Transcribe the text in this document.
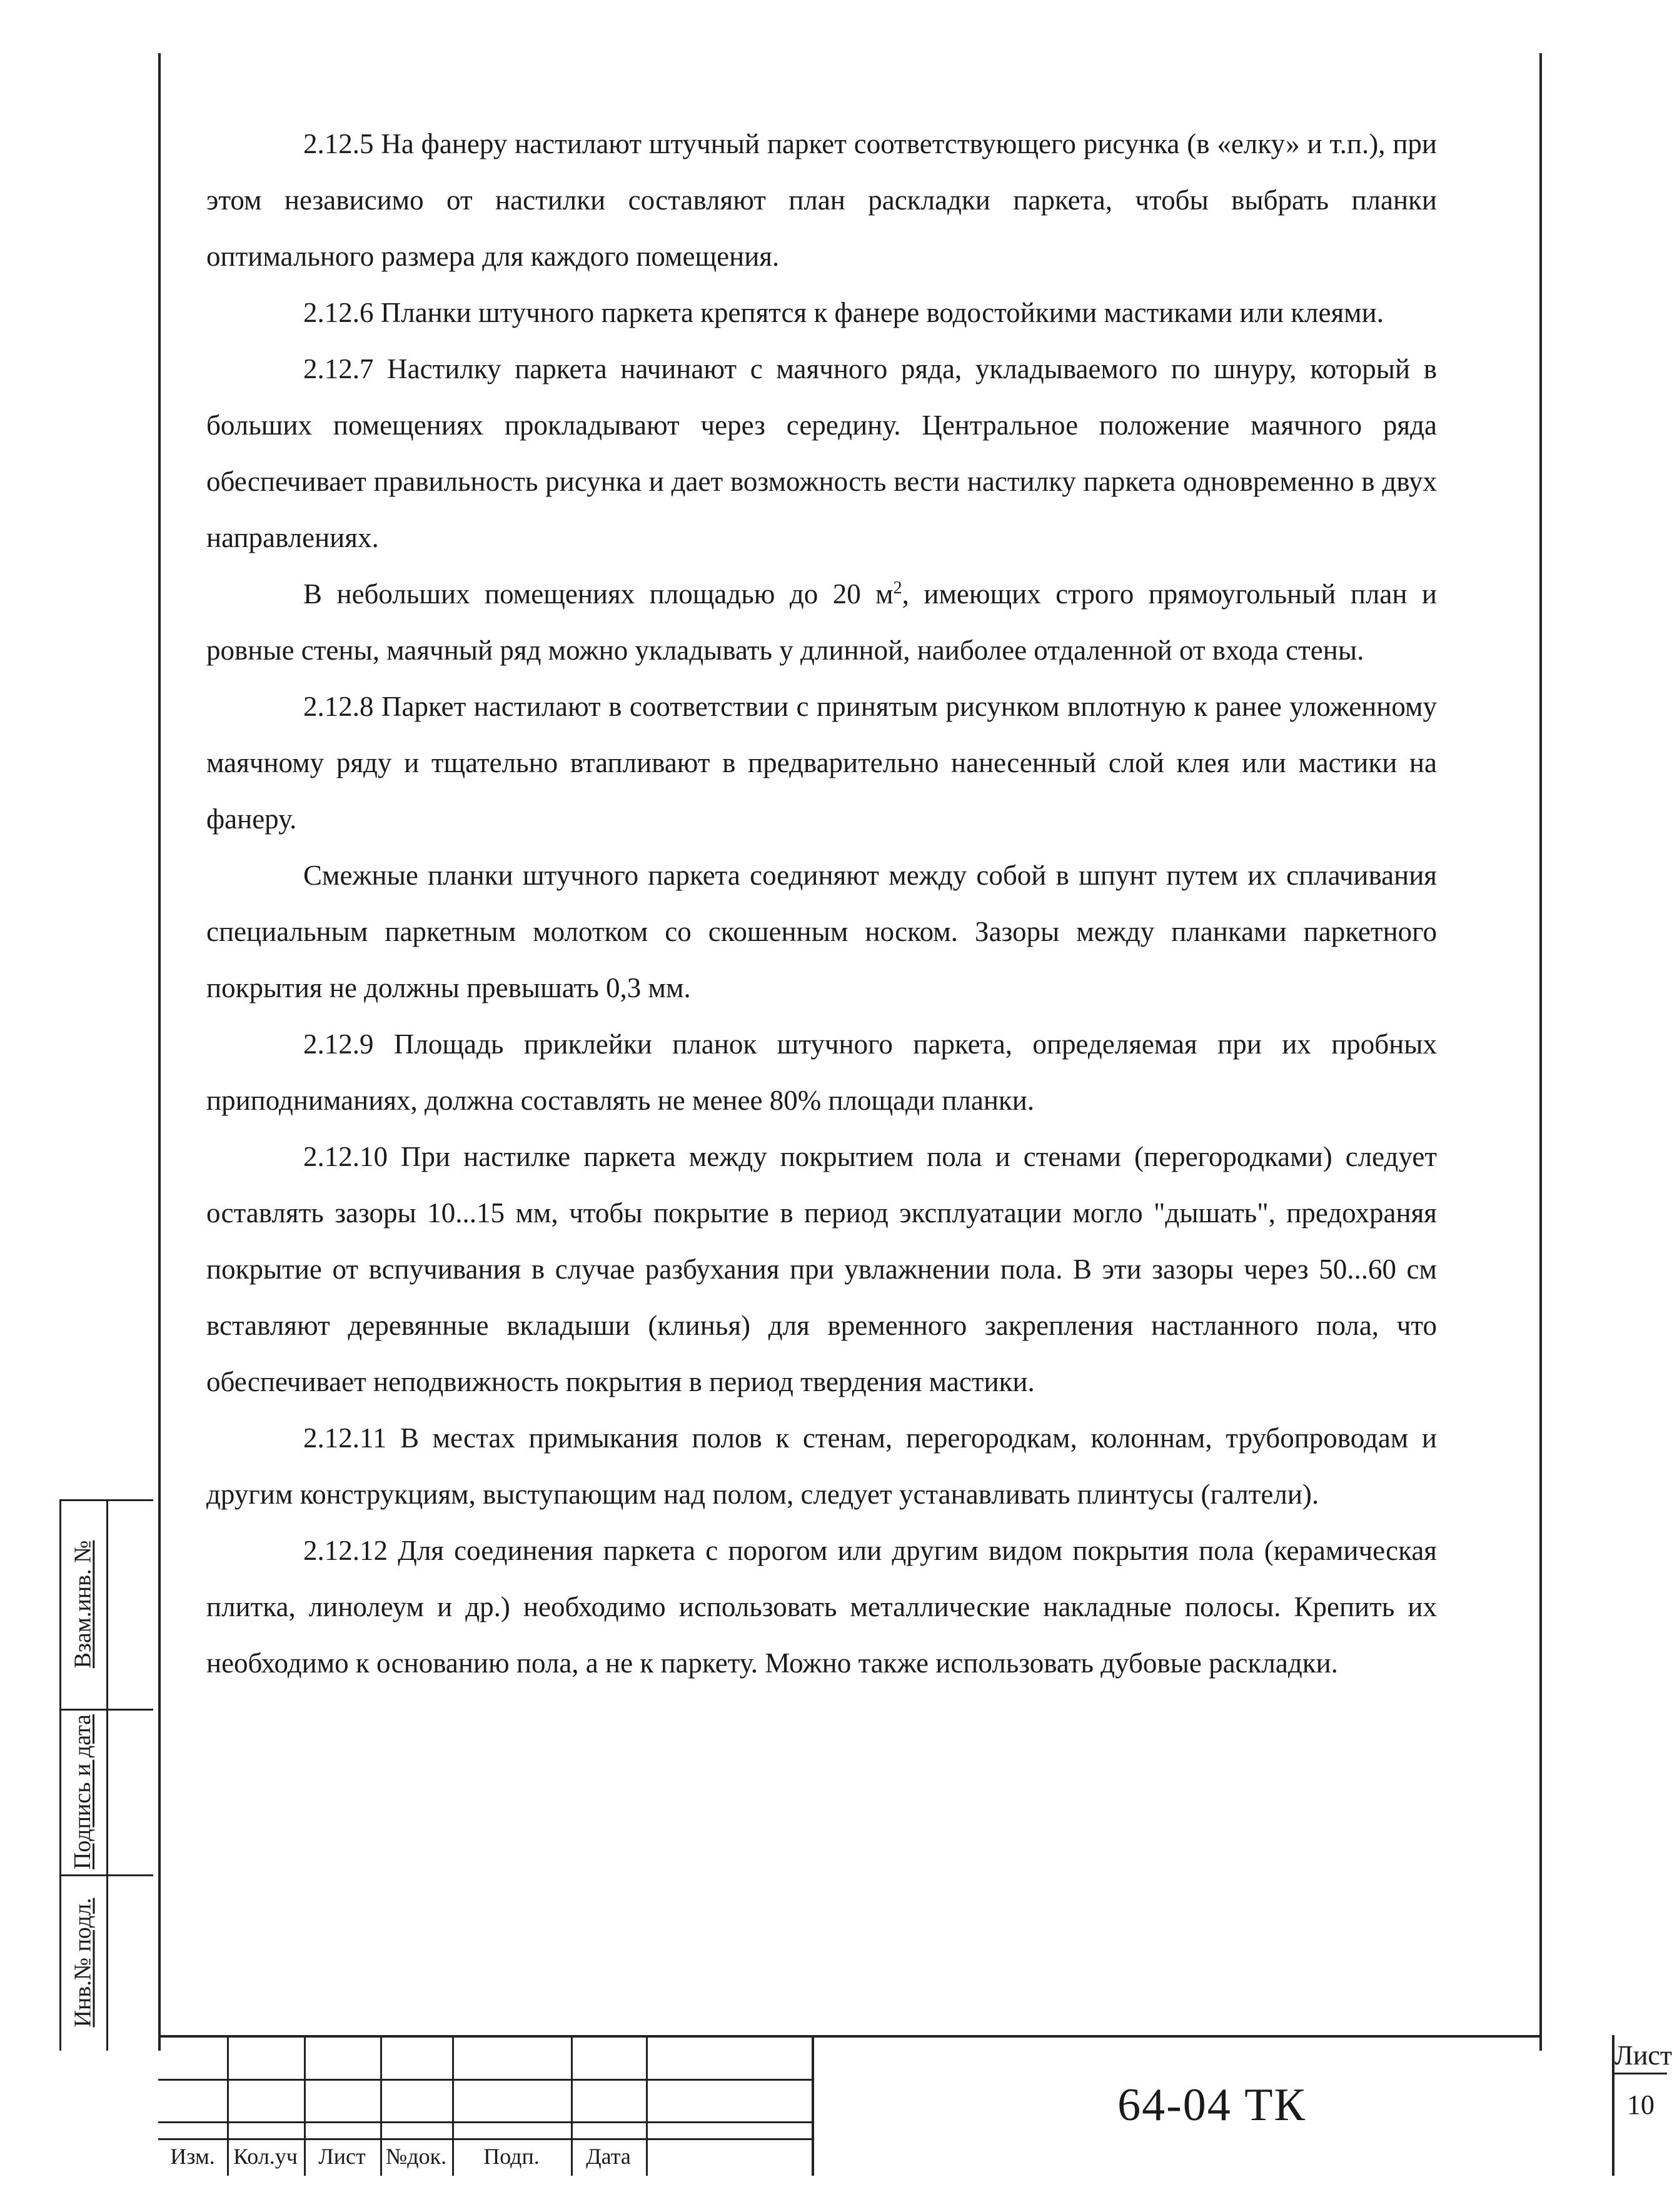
2.12.5 На фанеру настилают штучный паркет соответствующего рисунка (в «елку» и т.п.), при этом независимо от настилки составляют план раскладки паркета, чтобы выбрать планки оптимального размера для каждого помещения.

2.12.6 Планки штучного паркета крепятся к фанере водостойкими мастиками или клеями.

2.12.7 Настилку паркета начинают с маячного ряда, укладываемого по шнуру, который в больших помещениях прокладывают через середину. Центральное положение маячного ряда обеспечивает правильность рисунка и дает возможность вести настилку паркета одновременно в двух направлениях.

В небольших помещениях площадью до 20 $м^2$, имеющих строго прямоугольный план и ровные стены, маячный ряд можно укладывать у длинной, наиболее отдаленной от входа стены.

2.12.8 Паркет настилают в соответствии с принятым рисунком вплотную к ранее уложенному маячному ряду и тщательно втапливают в предварительно нанесенный слой клея или мастики на фанеру.

Смежные планки штучного паркета соединяют между собой в шпунт путем их сплачивания специальным паркетным молотком со скошенным носком. Зазоры между планками паркетного покрытия не должны превышать 0,3 мм.

2.12.9 Площадь приклейки планок штучного паркета, определяемая при их пробных приподниманиях, должна составлять не менее 80% площади планки.

2.12.10 При настилке паркета между покрытием пола и стенами (перегородками) следует оставлять зазоры 10...15 мм, чтобы покрытие в период эксплуатации могло "дышать", предохраняя покрытие от вспучивания в случае разбухания при увлажнении пола. В эти зазоры через 50...60 см вставляют деревянные вкладыши (клинья) для временного закрепления настланного пола, что обеспечивает неподвижность покрытия в период твердения мастики.

2.12.11 В местах примыкания полов к стенам, перегородкам, колоннам, трубопроводам и другим конструкциям, выступающим над полом, следует устанавливать плинтусы (галтели).

2.12.12 Для соединения паркета с порогом или другим видом покрытия пола (керамическая плитка, линолеум и др.) необходимо использовать металлические накладные полосы. Крепить их необходимо к основанию пола, а не к паркету. Можно также использовать дубовые раскладки.

Взам.инв. №
Подпись и дата
Инв.№ подл.
Изм. Кол.уч Лист №док.	Подп.	Дата
64-04 ТК
Лист
10
